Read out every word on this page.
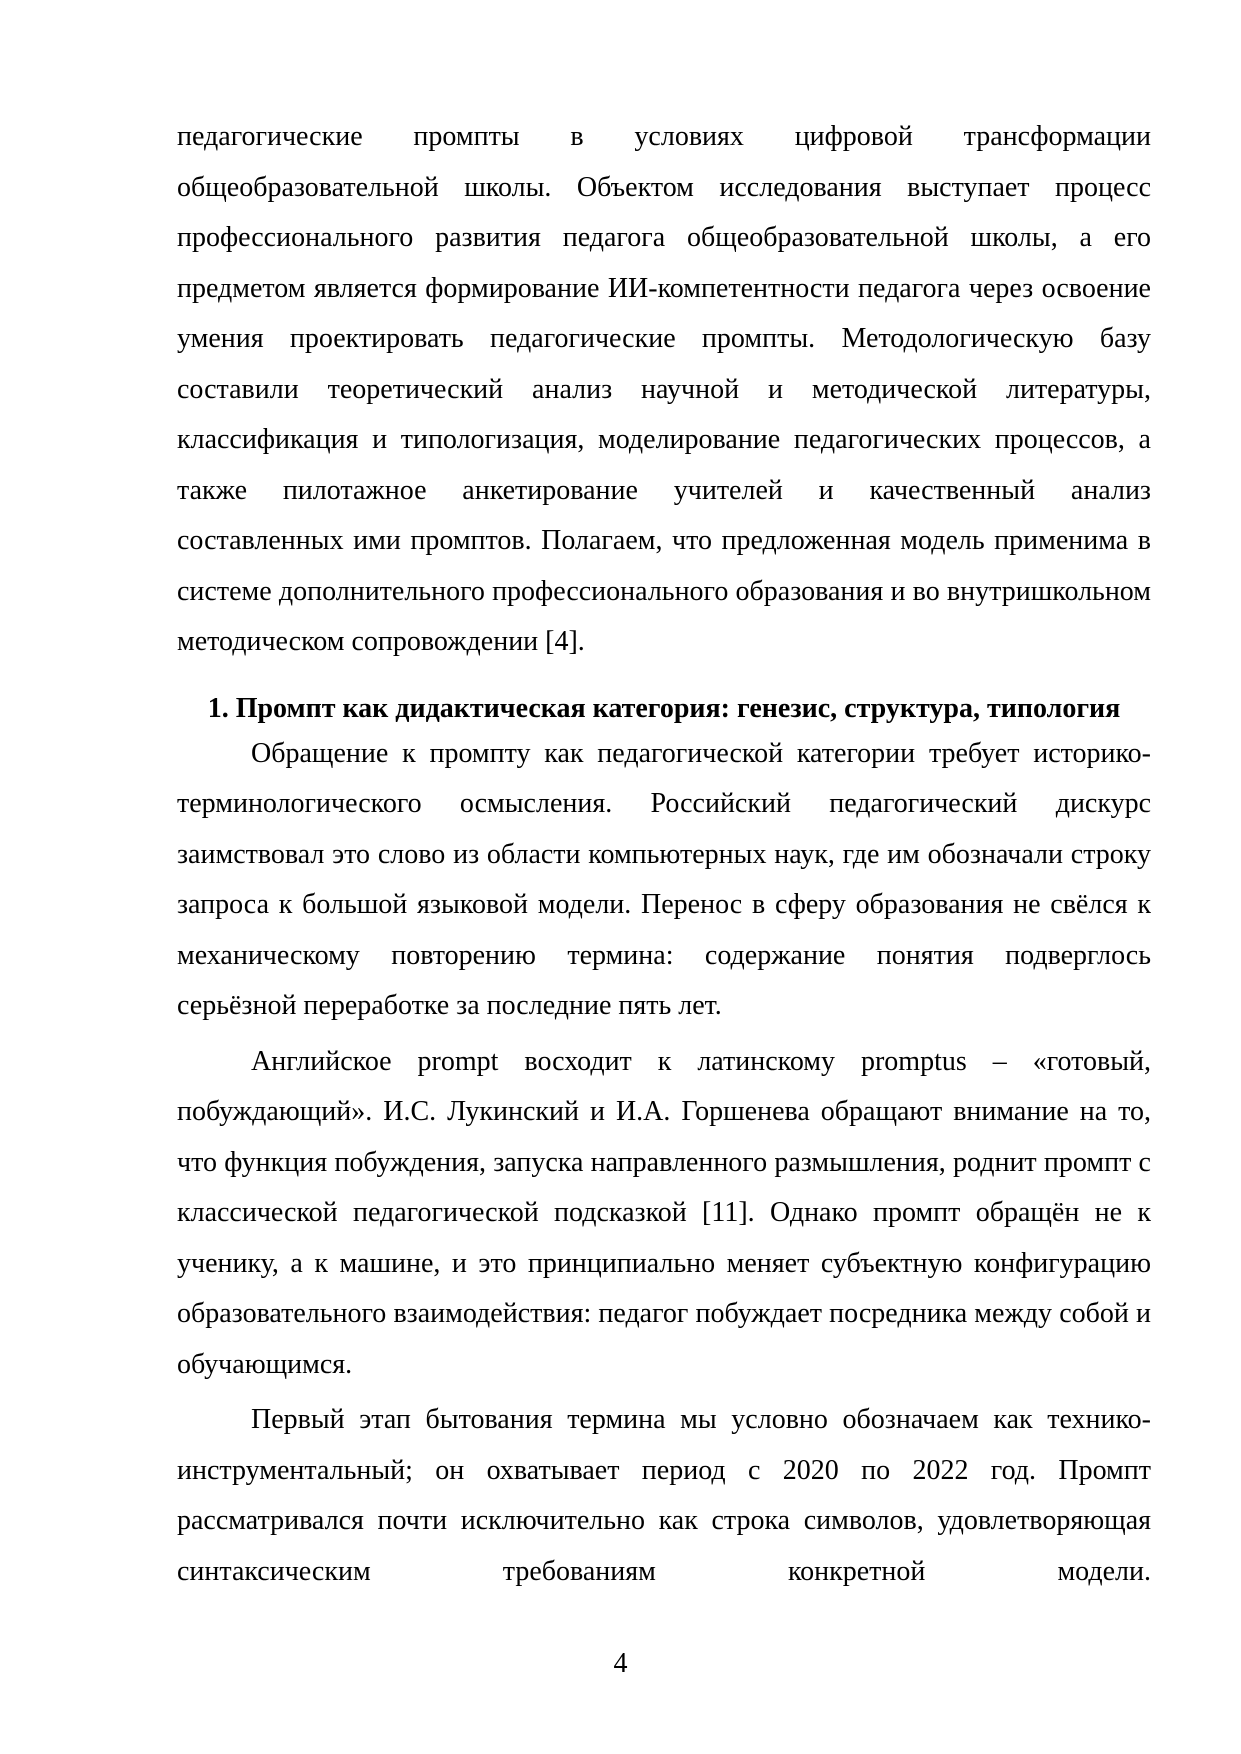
педагогические промпты в условиях цифровой трансформации общеобразовательной школы. Объектом исследования выступает процесс профессионального развития педагога общеобразовательной школы, а его предметом является формирование ИИ-компетентности педагога через освоение умения проектировать педагогические промпты. Методологическую базу составили теоретический анализ научной и методической литературы, классификация и типологизация, моделирование педагогических процессов, а также пилотажное анкетирование учителей и качественный анализ составленных ими промптов. Полагаем, что предложенная модель применима в системе дополнительного профессионального образования и во внутришкольном методическом сопровождении [4].

1. Промпт как дидактическая категория: генезис, структура, типология

Обращение к промпту как педагогической категории требует историко-терминологического осмысления. Российский педагогический дискурс заимствовал это слово из области компьютерных наук, где им обозначали строку запроса к большой языковой модели. Перенос в сферу образования не свёлся к механическому повторению термина: содержание понятия подверглось серьёзной переработке за последние пять лет.

Английское prompt восходит к латинскому promptus – «готовый, побуждающий». И.С. Лукинский и И.А. Горшенева обращают внимание на то, что функция побуждения, запуска направленного размышления, роднит промпт с классической педагогической подсказкой [11]. Однако промпт обращён не к ученику, а к машине, и это принципиально меняет субъектную конфигурацию образовательного взаимодействия: педагог побуждает посредника между собой и обучающимся.

Первый этап бытования термина мы условно обозначаем как технико-инструментальный; он охватывает период с 2020 по 2022 год. Промпт рассматривался почти исключительно как строка символов, удовлетворяющая синтаксическим требованиям конкретной модели.

4
